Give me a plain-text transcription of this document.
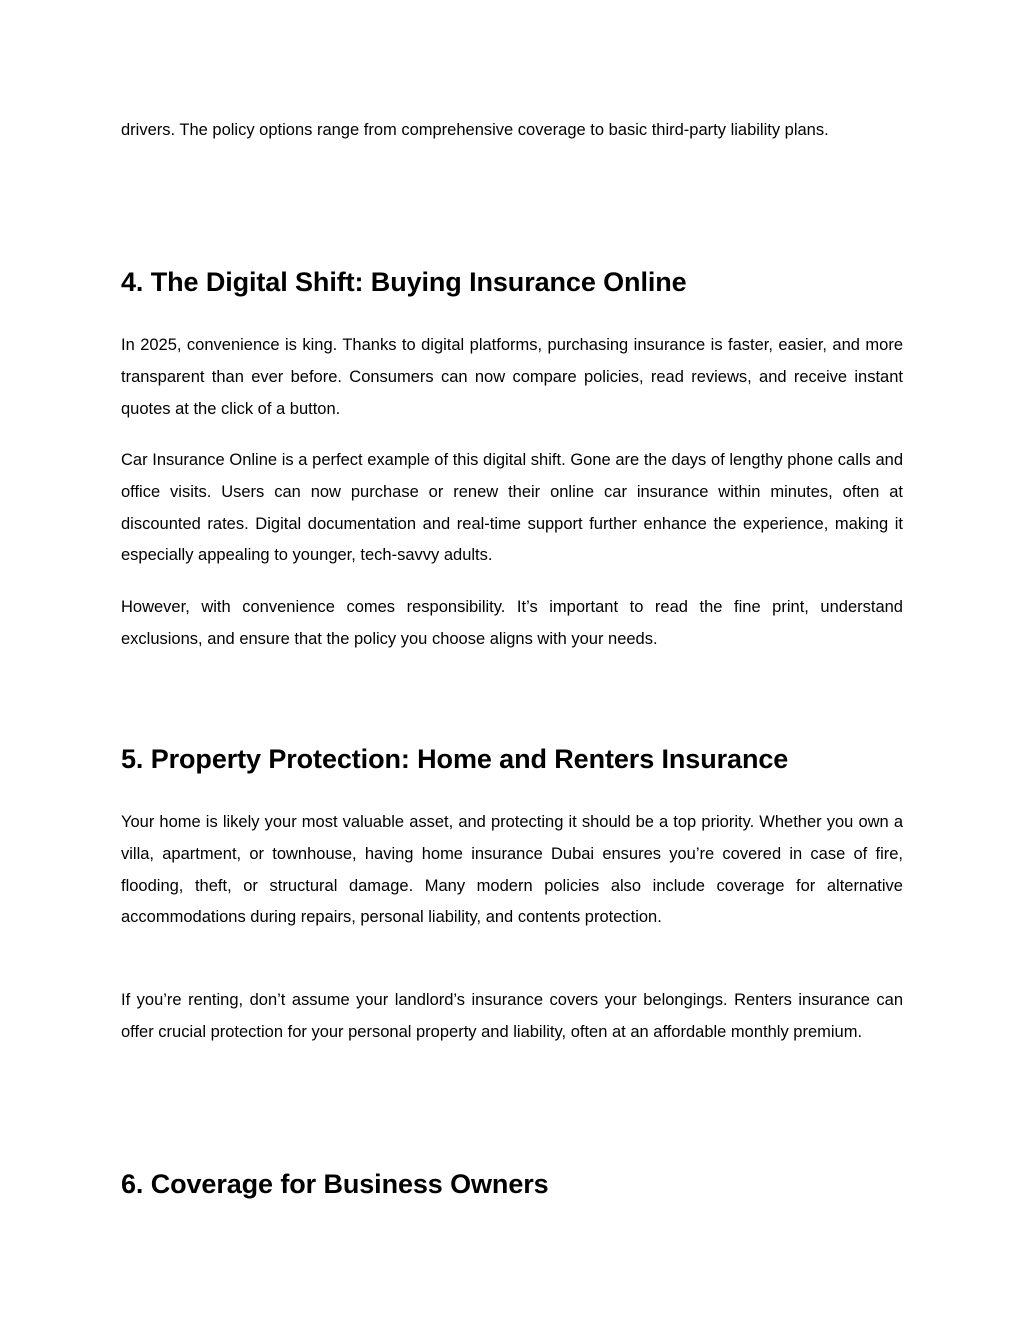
drivers. The policy options range from comprehensive coverage to basic third-party liability plans.

4. The Digital Shift: Buying Insurance Online

In 2025, convenience is king. Thanks to digital platforms, purchasing insurance is faster, easier, and more transparent than ever before. Consumers can now compare policies, read reviews, and receive instant quotes at the click of a button.

Car Insurance Online is a perfect example of this digital shift. Gone are the days of lengthy phone calls and office visits. Users can now purchase or renew their online car insurance within minutes, often at discounted rates. Digital documentation and real-time support further enhance the experience, making it especially appealing to younger, tech-savvy adults.

However, with convenience comes responsibility. It’s important to read the fine print, understand exclusions, and ensure that the policy you choose aligns with your needs.

5. Property Protection: Home and Renters Insurance

Your home is likely your most valuable asset, and protecting it should be a top priority. Whether you own a villa, apartment, or townhouse, having home insurance Dubai ensures you’re covered in case of fire, flooding, theft, or structural damage. Many modern policies also include coverage for alternative accommodations during repairs, personal liability, and contents protection.

If you’re renting, don’t assume your landlord’s insurance covers your belongings. Renters insurance can offer crucial protection for your personal property and liability, often at an affordable monthly premium.

6. Coverage for Business Owners
